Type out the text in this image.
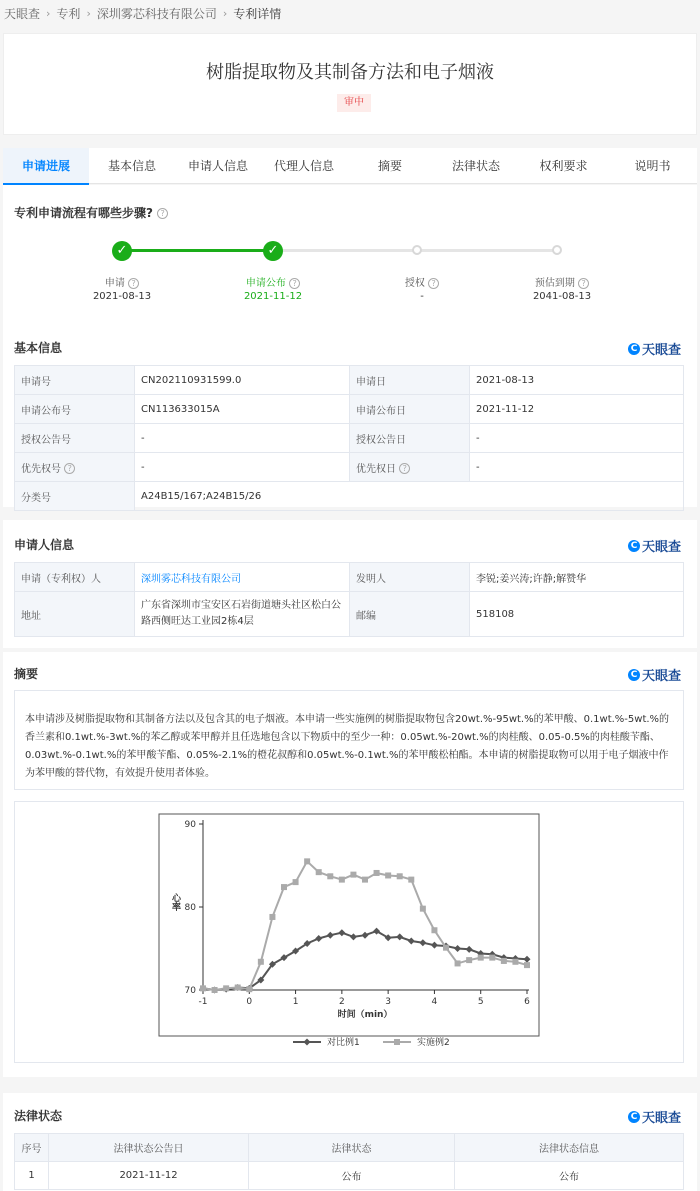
天眼查 › 专利 › 深圳雾芯科技有限公司 › 专利详情
树脂提取物及其制备方法和电子烟液
审中
申请进展	基本信息	申请人信息	代理人信息	摘要	法律状态	权利要求	说明书
专利申请流程有哪些步骤? ?
✓	✓
申请 ?
2021-08-13
申请公布 ?
2021-11-12
授权 ?
-
预估到期 ?
2041-08-13
基本信息	C 天眼查
申请号	CN202110931599.0	申请日	2021-08-13
申请公布号	CN113633015A	申请公布日	2021-11-12
授权公告号	-	授权公告日	-
优先权号 ?	-	优先权日 ?	-
分类号	A24B15/167;A24B15/26		
申请人信息	C 天眼查
申请（专利权）人	深圳雾芯科技有限公司	发明人	李锐;姜兴涛;许静;解赞华
地址	广东省深圳市宝安区石岩街道塘头社区松白公路西侧旺达工业园2栋4层	邮编	518108
摘要	C 天眼查
本申请涉及树脂提取物和其制备方法以及包含其的电子烟液。本申请一些实施例的树脂提取物包含20wt.%-95wt.%的苯甲酸、0.1wt.%-5wt.%的香兰素和0.1wt.%-3wt.%的苯乙醇或苯甲醇并且任选地包含以下物质中的至少一种：0.05wt.%-20wt.%的肉桂酸、0.05-0.5%的肉桂酸苄酯、0.03wt.%-0.1wt.%的苯甲酸苄酯、0.05%-2.1%的橙花叔醇和0.05wt.%-0.1wt.%的苯甲酸松柏酯。本申请的树脂提取物可以用于电子烟液中作为苯甲酸的替代物，有效提升使用者体验。
70
80
90
-1	0	1	2	3	4	5	6
时间（min）
心率
对比例1	实施例2
法律状态	C 天眼查
序号	法律状态公告日	法律状态	法律状态信息
1	2021-11-12	公布	公布
